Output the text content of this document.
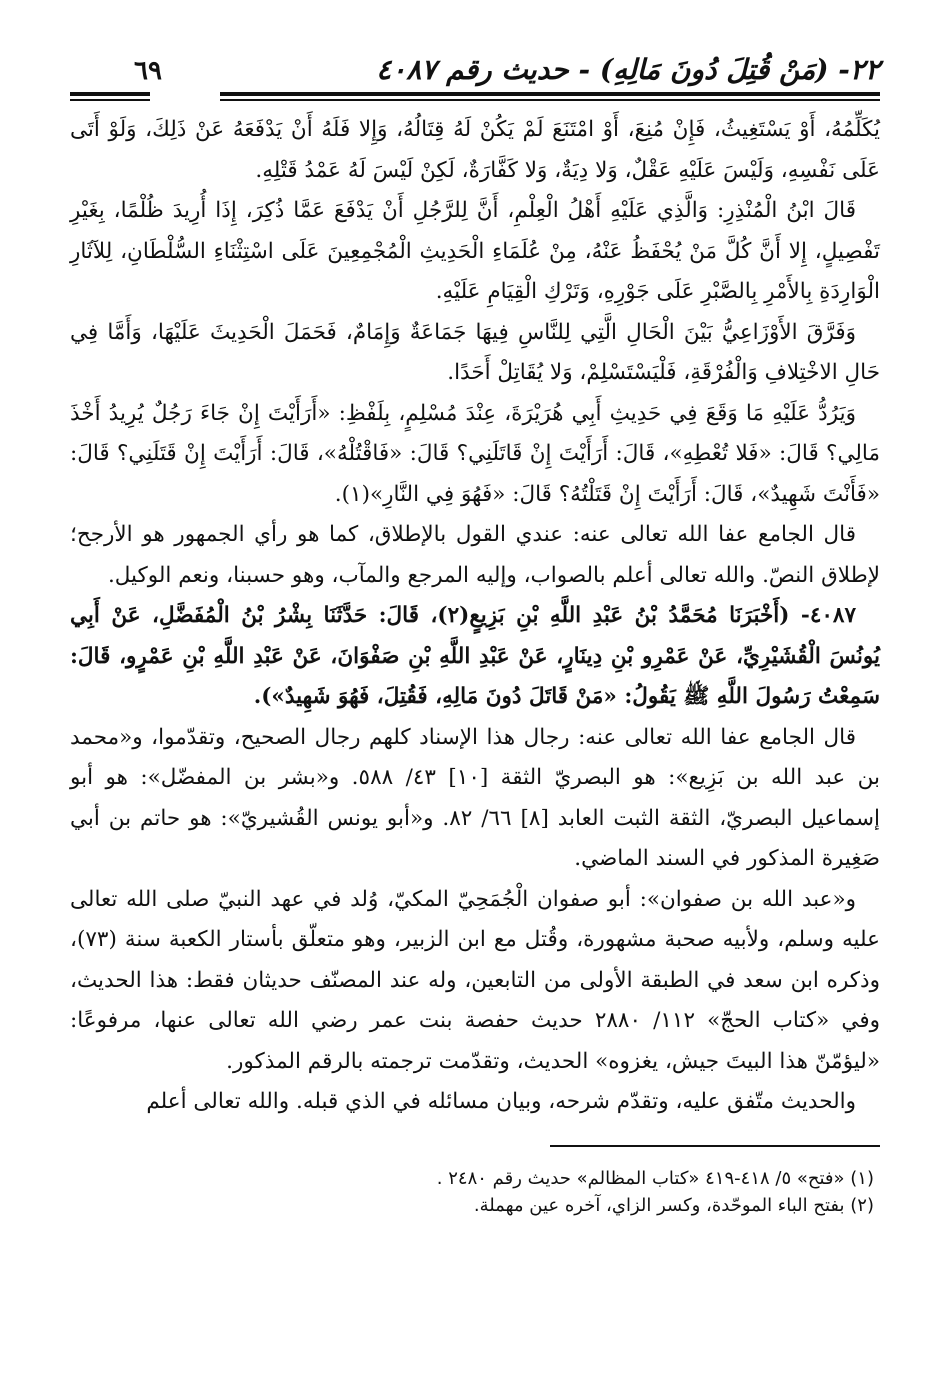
٢٢- (مَنْ قُتِلَ دُونَ مَالِهِ) - حديث رقم ٤٠٨٧
٦٩

يُكَلِّمُهُ، أَوْ يَسْتَغِيثُ، فَإِنْ مُنِعَ، أَوْ امْتَنَعَ لَمْ يَكُنْ لَهُ قِتَالُهُ، وَإِلا فَلَهُ أَنْ يَدْفَعَهُ عَنْ ذَلِكَ، وَلَوْ أَتَى عَلَى نَفْسِهِ، وَلَيْسَ عَلَيْهِ عَقْلٌ، وَلا دِيَةٌ، وَلا كَفَّارَةٌ، لَكِنْ لَيْسَ لَهُ عَمْدُ قَتْلِهِ.

قَالَ ابْنُ الْمُنْذِرِ: وَالَّذِي عَلَيْهِ أَهْلُ الْعِلْمِ، أَنَّ لِلرَّجُلِ أَنْ يَدْفَعَ عَمَّا ذُكِرَ، إِذَا أُرِيدَ ظُلْمًا، بِغَيْرِ تَفْصِيلٍ، إِلا أَنَّ كُلَّ مَنْ يُحْفَظُ عَنْهُ، مِنْ عُلَمَاءِ الْحَدِيثِ الْمُجْمِعِينَ عَلَى اسْتِثْنَاءِ السُّلْطَانِ، لِلآثَارِ الْوَارِدَةِ بِالأَمْرِ بِالصَّبْرِ عَلَى جَوْرِهِ، وَتَرْكِ الْقِيَامِ عَلَيْهِ.

وَفَرَّقَ الأَوْزَاعِيُّ بَيْنَ الْحَالِ الَّتِي لِلنَّاسِ فِيهَا جَمَاعَةٌ وَإِمَامٌ، فَحَمَلَ الْحَدِيثَ عَلَيْهَا، وَأَمَّا فِي حَالِ الاخْتِلافِ وَالْفُرْقَةِ، فَلْيَسْتَسْلِمْ، وَلا يُقَاتِلْ أَحَدًا.

وَيَرُدُّ عَلَيْهِ مَا وَقَعَ فِي حَدِيثِ أَبِي هُرَيْرَةَ، عِنْدَ مُسْلِمٍ، بِلَفْظِ: «أَرَأَيْتَ إِنْ جَاءَ رَجُلٌ يُرِيدُ أَخْذَ مَالِي؟ قَالَ: «فَلا تُعْطِهِ»، قَالَ: أَرَأَيْتَ إِنْ قَاتَلَنِي؟ قَالَ: «فَاقْتُلْهُ»، قَالَ: أَرَأَيْتَ إِنْ قَتَلَنِي؟ قَالَ: «فَأَنْتَ شَهِيدٌ»، قَالَ: أَرَأَيْتَ إِنْ قَتَلْتُهُ؟ قَالَ: «فَهُوَ فِي النَّارِ»(١).

قال الجامع عفا الله تعالى عنه: عندي القول بالإطلاق، كما هو رأي الجمهور هو الأرجح؛ لإطلاق النصّ. والله تعالى أعلم بالصواب، وإليه المرجع والمآب، وهو حسبنا، ونعم الوكيل.

٤٠٨٧- (أَخْبَرَنَا مُحَمَّدُ بْنُ عَبْدِ اللَّهِ بْنِ بَزِيعٍ(٢)، قَالَ: حَدَّثَنَا بِشْرُ بْنُ الْمُفَضَّلِ، عَنْ أَبِي يُونُسَ الْقُشَيْرِيِّ، عَنْ عَمْرِو بْنِ دِينَارٍ، عَنْ عَبْدِ اللَّهِ بْنِ صَفْوَانَ، عَنْ عَبْدِ اللَّهِ بْنِ عَمْرٍو، قَالَ: سَمِعْتُ رَسُولَ اللَّهِ ﷺ يَقُولُ: «مَنْ قَاتَلَ دُونَ مَالِهِ، فَقُتِلَ، فَهُوَ شَهِيدٌ»).

قال الجامع عفا الله تعالى عنه: رجال هذا الإسناد كلهم رجال الصحيح، وتقدّموا، و«محمد بن عبد الله بن بَزِيع»: هو البصريّ الثقة [١٠] ٤٣/ ٥٨٨. و«بشر بن المفضّل»: هو أبو إسماعيل البصريّ، الثقة الثبت العابد [٨] ٦٦/ ٨٢. و«أبو يونس القُشيريّ»: هو حاتم بن أبي صَغِيرة المذكور في السند الماضي.

و«عبد الله بن صفوان»: أبو صفوان الْجُمَحِيّ المكيّ، وُلد في عهد النبيّ صلى الله تعالى عليه وسلم، ولأبيه صحبة مشهورة، وقُتل مع ابن الزبير، وهو متعلّق بأستار الكعبة سنة (٧٣)، وذكره ابن سعد في الطبقة الأولى من التابعين، وله عند المصنّف حديثان فقط: هذا الحديث، وفي «كتاب الحجّ» ١١٢/ ٢٨٨٠ حديث حفصة بنت عمر رضي الله تعالى عنها، مرفوعًا: «ليؤمّنّ هذا البيتَ جيش، يغزوه» الحديث، وتقدّمت ترجمته بالرقم المذكور.

والحديث متّفق عليه، وتقدّم شرحه، وبيان مسائله في الذي قبله. والله تعالى أعلم

(١) «فتح» ٥/ ٤١٨-٤١٩ «كتاب المظالم» حديث رقم ٢٤٨٠ .

(٢) بفتح الباء الموحّدة، وكسر الزاي، آخره عين مهملة.
